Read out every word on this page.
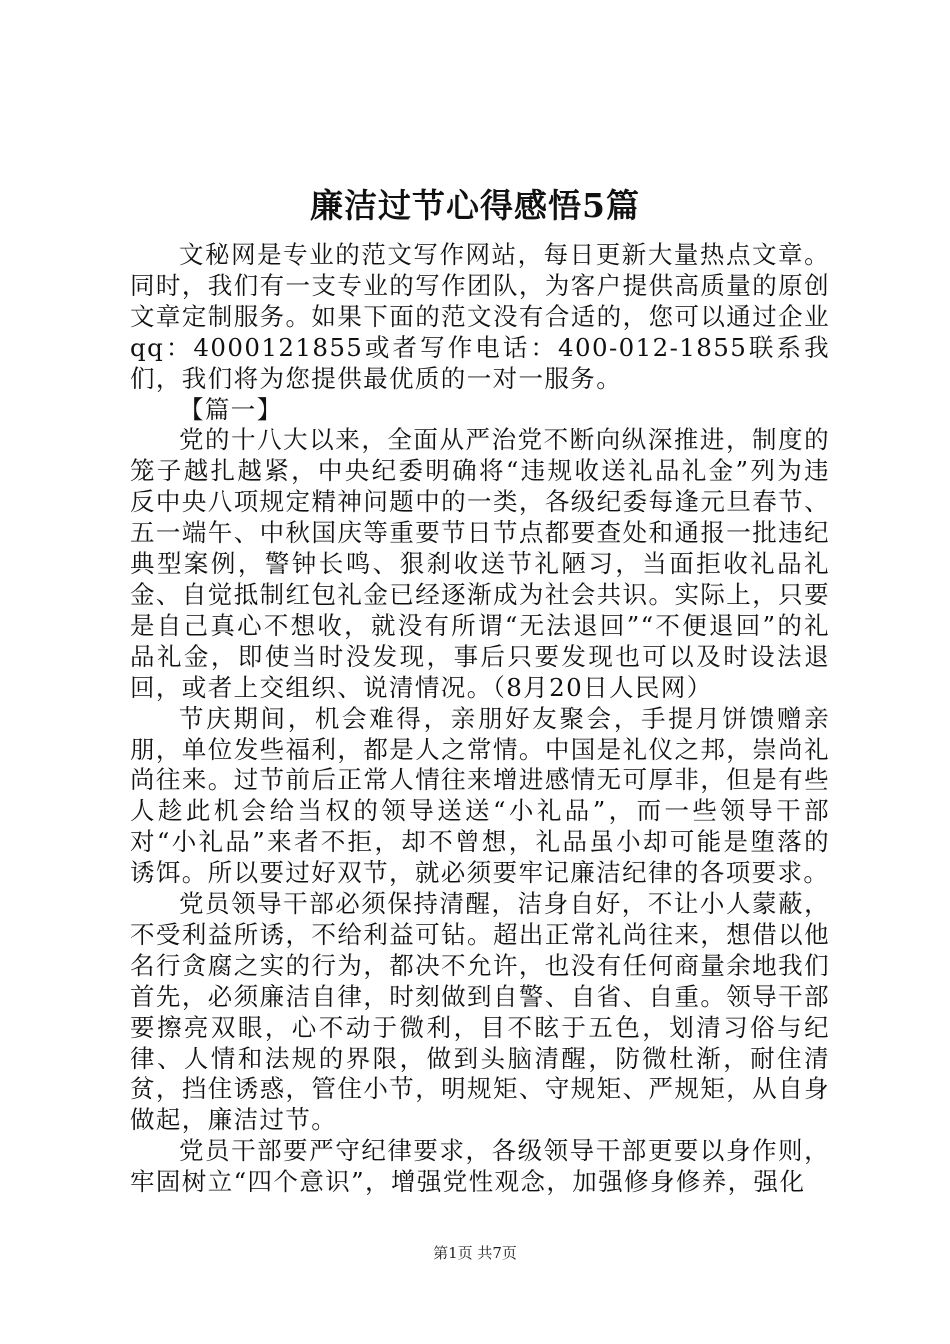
廉洁过节心得感悟5篇

文秘网是专业的范文写作网站，每日更新大量热点文章。同时，我们有一支专业的写作团队，为客户提供高质量的原创文章定制服务。如果下面的范文没有合适的，您可以通过企业qq：4000121855或者写作电话：400-012-1855联系我们，我们将为您提供最优质的一对一服务。

【篇一】

党的十八大以来，全面从严治党不断向纵深推进，制度的笼子越扎越紧，中央纪委明确将“违规收送礼品礼金”列为违反中央八项规定精神问题中的一类，各级纪委每逢元旦春节、五一端午、中秋国庆等重要节日节点都要查处和通报一批违纪典型案例，警钟长鸣、狠刹收送节礼陋习，当面拒收礼品礼金、自觉抵制红包礼金已经逐渐成为社会共识。实际上，只要是自己真心不想收，就没有所谓“无法退回”“不便退回”的礼品礼金，即使当时没发现，事后只要发现也可以及时设法退回，或者上交组织、说清情况。（8月20日人民网）

节庆期间，机会难得，亲朋好友聚会，手提月饼馈赠亲朋，单位发些福利，都是人之常情。中国是礼仪之邦，崇尚礼尚往来。过节前后正常人情往来增进感情无可厚非，但是有些人趁此机会给当权的领导送送“小礼品”，而一些领导干部对“小礼品”来者不拒，却不曾想，礼品虽小却可能是堕落的诱饵。所以要过好双节，就必须要牢记廉洁纪律的各项要求。

党员领导干部必须保持清醒，洁身自好，不让小人蒙蔽，不受利益所诱，不给利益可钻。超出正常礼尚往来，想借以他名行贪腐之实的行为，都决不允许，也没有任何商量余地我们首先，必须廉洁自律，时刻做到自警、自省、自重。领导干部要擦亮双眼，心不动于微利，目不眩于五色，划清习俗与纪律、人情和法规的界限，做到头脑清醒，防微杜渐，耐住清贫，挡住诱惑，管住小节，明规矩、守规矩、严规矩，从自身做起，廉洁过节。

党员干部要严守纪律要求，各级领导干部更要以身作则，牢固树立“四个意识”，增强党性观念，加强修身修养，强化

第1页 共7页
